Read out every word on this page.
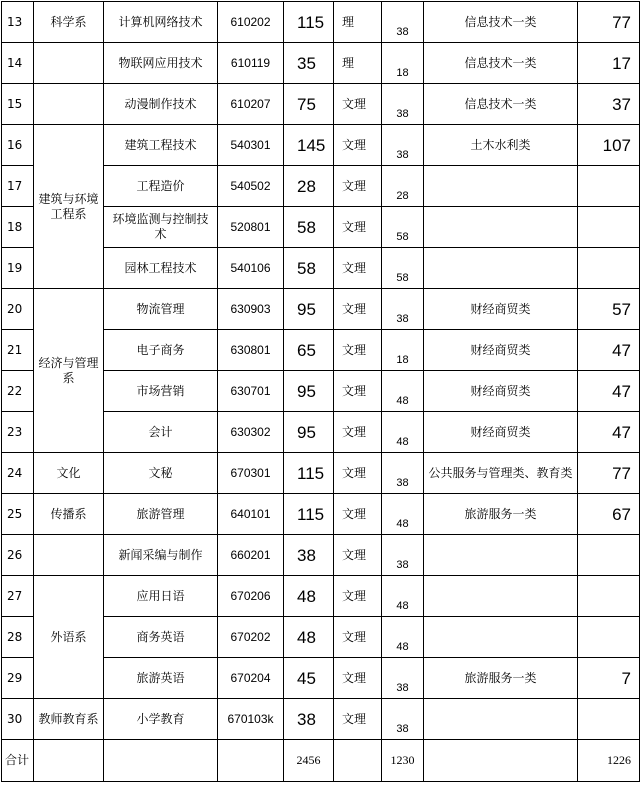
13	科学系	计算机网络技术	610202	115	理	38	信息技术一类	77
14		物联网应用技术	610119	35	理	18	信息技术一类	17
15		动漫制作技术	610207	75	文理	38	信息技术一类	37
16	建筑与环境工程系	建筑工程技术	540301	145	文理	38	土木水利类	107
17		工程造价	540502	28	文理	28		
18		环境监测与控制技术	520801	58	文理	58		
19		园林工程技术	540106	58	文理	58		
20	经济与管理系	物流管理	630903	95	文理	38	财经商贸类	57
21		电子商务	630801	65	文理	18	财经商贸类	47
22		市场营销	630701	95	文理	48	财经商贸类	47
23		会计	630302	95	文理	48	财经商贸类	47
24	文化	文秘	670301	115	文理	38	公共服务与管理类、教育类	77
25	传播系	旅游管理	640101	115	文理	48	旅游服务一类	67
26		新闻采编与制作	660201	38	文理	38		
27	外语系	应用日语	670206	48	文理	48		
28		商务英语	670202	48	文理	48		
29		旅游英语	670204	45	文理	38	旅游服务一类	7
30	教师教育系	小学教育	670103k	38	文理	38		
合计				2456		1230		1226
